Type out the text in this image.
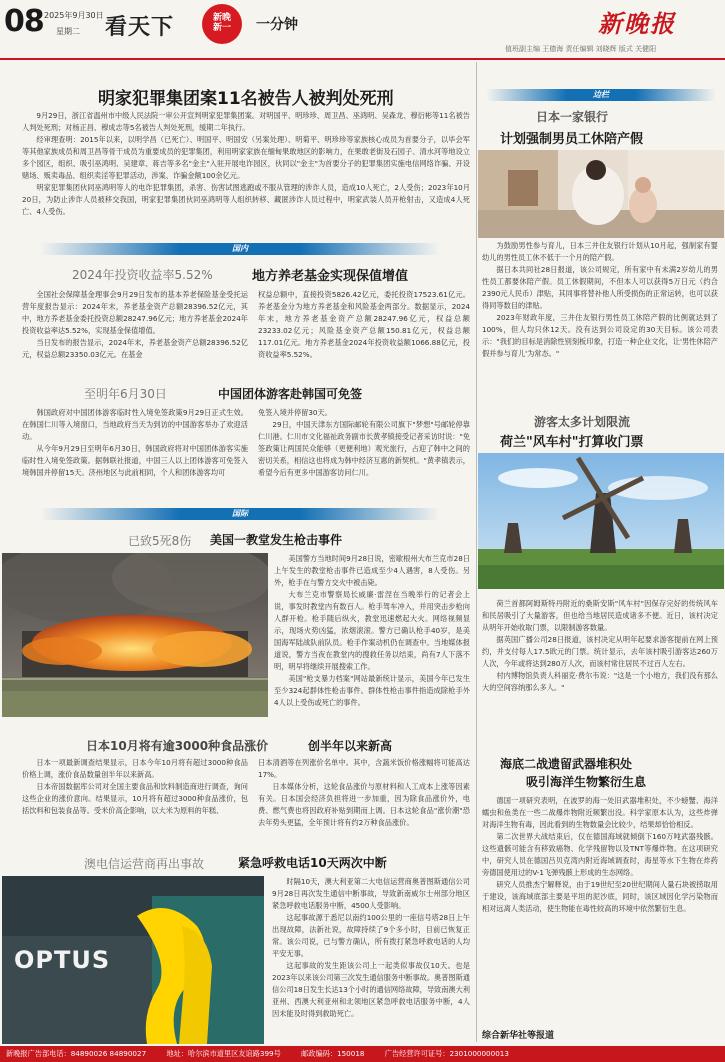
08 2025年9月30日
星期二 看天下	新晚
新一	一分钟	新晚报
值班副主编 王德海 责任编辑 刘晓辉 版式 关健阳
明家犯罪集团案11名被告人被判处死刑

9月29日，浙江省温州市中级人民法院一审公开宣判明家犯罪集团案。对明国平、明珍珍、周卫昌、巫鸿明、吴森龙、穆衍彬等11名被告人判处死刑；对杨正昌、穆成志等5名被告人判处死刑，缓期二年执行。

经审理查明：2015年以来，以明学昌（已死亡）、明国平、明国安（另案处理）、明菊平、明珍珍等家族核心成员为首要分子，以毕会军等其他家族成员和周卫昌等骨干成员为重要成员的犯罪集团，利用明家家族在缅甸果敢地区的影响力，在果敢老街及石园子、清水河等地设立多个园区，组织、吸引巫鸿明、吴建章、蒋吉等多名"金主"入驻开展电诈园区，伙同以"金主"为首要分子的犯罪集团实施电信网络诈骗、开设赌场、贩卖毒品、组织卖淫等犯罪活动，涉案、诈骗金额100余亿元。

明家犯罪集团伙同巫鸿明等人的电诈犯罪集团，杀害、伤害试图逃跑或不服从管理的涉诈人员，造成10人死亡，2人受伤；2023年10月20日，为防止涉诈人员被移交我国，明家犯罪集团伙同巫鸿明等人组织转移、藏匿涉诈人员过程中，明家武装人员开枪射击，又造成4人死亡、4人受伤。

国内
2024年投资收益率5.52%	地方养老基金实现保值增值

全国社会保障基金理事会9月29日发布的基本养老保险基金受托运营年度报告显示：2024年末，养老基金资产总额28396.52亿元，其中，地方养老基金委托投资总额28247.96亿元；地方养老基金2024年投资收益率达5.52%，实现基金保值增值。

当日发布的报告显示，2024年末，养老基金资产总额28396.52亿元，权益总额23350.03亿元。在基金

权益总额中，直接投资5826.42亿元，委托投资17523.61亿元。养老基金分为地方养老基金和风险基金两部分。数据显示，2024年末，地方养老基金资产总额28247.96亿元，权益总额23233.02亿元；风险基金资产总额150.81亿元，权益总额117.01亿元。地方养老基金2024年投资收益额1066.88亿元，投资收益率5.52%。

至明年6月30日	中国团体游客赴韩国可免签

韩国政府对中国团体游客临时性入境免签政策9月29日正式生效。在韩国仁川等入境窗口，当地政府当天为到访的中国游客举办了欢迎活动。

从今年9月29日至明年6月30日，韩国政府将对中国团体游客实施临时性入境免签政策。据韩联社报道，中国三人以上团体游客可免签入境韩国并停留15天。济州地区与此前相同，个人和团体游客均可

免签入境并停留30天。

29日，中国天津东方国际邮轮有限公司旗下"梦想"号邮轮停靠仁川港。仁川市文化福祉政务副市长黄孝镇接受记者采访时说："免签政策让两国民众能够（更便利地）观光旅行，占迎了韩中之间的密切关系，相信这也将成为韩中经济互惠的新契机。"黄孝镇表示，希望今后有更多中国游客访问仁川。

国际
已致5死8伤 美国一教堂发生枪击事件

美国警方当地时间9月28日说，密歇根州大布兰克市28日上午发生的教堂枪击事件已造成至少4人遇害，8人受伤。另外，枪手在与警方交火中被击毙。

大布兰克市警察局长威廉·雷涅在当晚举行的记者会上说，事发时教堂内有数百人。枪手驾车冲入，并用突击步枪向人群开枪。枪手随后纵火，教堂迅速燃起大火。网络视频显示，现场火势凶猛，浓烟滚滚。警方已确认枪手40岁，是美国海军陆战队前队员。枪手作案动机仍在调查中。当地媒体报道说，警方当夜在教堂内的搜救任务以结束，尚有7人下落不明，明早将继续开展搜索工作。

美国"枪支暴力档案"网站最新统计显示，美国今年已发生至少324起群体性枪击事件。群体性枪击事件指造成除枪手外4人以上受伤或死亡的事件。

日本10月将有逾3000种食品涨价	创半年以来新高

日本一项最新调查结果显示，日本今年10月将有超过3000种食品价格上调，涨价食品数量创半年以来新高。

日本帝国数据库公司对全国主要食品和饮料制造商进行调查，询问这些企业的涨价意向。结果显示，10月将有超过3000种食品涨价，包括饮料和包装食品等。受米价高企影响，以大米为原料的年糕、

日本清酒等在列涨价名单中。其中，含蔬米饭价格涨幅将可能高达17%。

日本媒体分析，这轮食品涨价与原材料和人工成本上涨等因素有关。日本国会经济负担将进一步加重，因为除食品涨价外，电费、燃气费也将因政府补贴到期而上调。日本这轮食品"涨价潮"恐去年势头更猛，全年预计将有约2万种食品涨价。

澳电信运营商再出事故	紧急呼救电话10天两次中断
OPTUS

时隔10天，澳大利亚第二大电信运营商奥普图斯通信公司9月28日再次发生通信中断事故，导致新南威尔士州部分地区紧急呼救电话服务中断，4500人受影响。

这起事故源于悉尼以南约100公里的一座信号塔28日上午出现故障，法新社说，故障持续了9个多小时，目前已恢复正常。该公司说，已与警方确认，所有拨打紧急呼救电话的人均平安无事。

这起事故的发生距该公司上一起类似事故仅10天。也是2023年以来该公司第三次发生通信服务中断事故。奥普图斯通信公司18日发生长达13个小时的通信网络故障，导致南澳大利亚州、西澳大利亚州和北领地区紧急呼救电话服务中断，4人因未能及时得到救助死亡。

边栏
日本一家银行
计划强制男员工休陪产假

为鼓励男性参与育儿，日本三井住友银行计划从10月起，强制家有婴幼儿的男性员工休不低于一个月的陪产假。

据日本共同社28日报道，该公司规定，所有家中有未满2岁幼儿的男性员工都要休陪产假。员工休假期间，不但本人可以获得5万日元（约合2390元人民币）津贴，其同事将替补他人所受损伤的正常运转，也可以获得同等数目的津贴。

2023年财政年度，三井住友银行男性员工休陪产假的比例就达到了100%，但人均只休12天。没有达到公司设定的30天目标。该公司表示："我们的目标是消除性别刻板印象，打造一种企业文化，让'男性休陪产假并参与育儿'为常态。"

游客太多计划限流
荷兰"风车村"打算收门票

荷兰首都阿姆斯特丹附近的桑斯安斯"风车村"因保存完好的传统风车和民居吸引了大量游客，但也给当地居民造成诸多不便。近日，该村决定从明年开始收取门票，以限制游客数量。

据英国广播公司28日报道，该村决定从明年起要求游客提前在网上预约，并支付每人17.5欧元的门票。统计显示，去年该村吸引游客达260万人次，今年或将达到280万人次，而该村常住居民不过百人左右。

村内博物馆负责人科丽克·费尔韦说："这是一个小地方，我们没有那么大的空间容纳那么多人。"

海底二战遗留武器堆积处
吸引海洋生物繁衍生息

德国一项研究表明，在波罗的海一处旧武器堆积处，不少螃蟹、海洋蠕虫和鱼类在一些二战爆炸物附近频繁出没。科学家原本认为，这些炸弹对海洋生物有毒，因此看到的生物数量会比较少，结果却恰恰相反。

第二次世界大战结束后，仅在德国海域就倾倒下160万吨武器残骸。这些遗骸可能含有移致癌物、化学残留物以及TNT等爆炸物。在这项研究中，研究人员在德国吕贝克湾内附近海域调查时，海星等水下生物在炸药旁德国使用过的V-1飞弹残骸上形成的生态网络。

研究人员推杰宁解释说，由于19世纪至20世纪期间人量石块被捞取用于建设，该海域底部主要是平坦的泥沙底，同时，该区域因化学污染物而相对远离人类活动，使生物能在毒性较高的环境中依然繁衍生息。

综合新华社等报道
新晚报广告部电话：84890026 84890027	地址：哈尔滨市道里区友谊路399号	邮政编码：150018	广告经营许可证号：2301000000013
